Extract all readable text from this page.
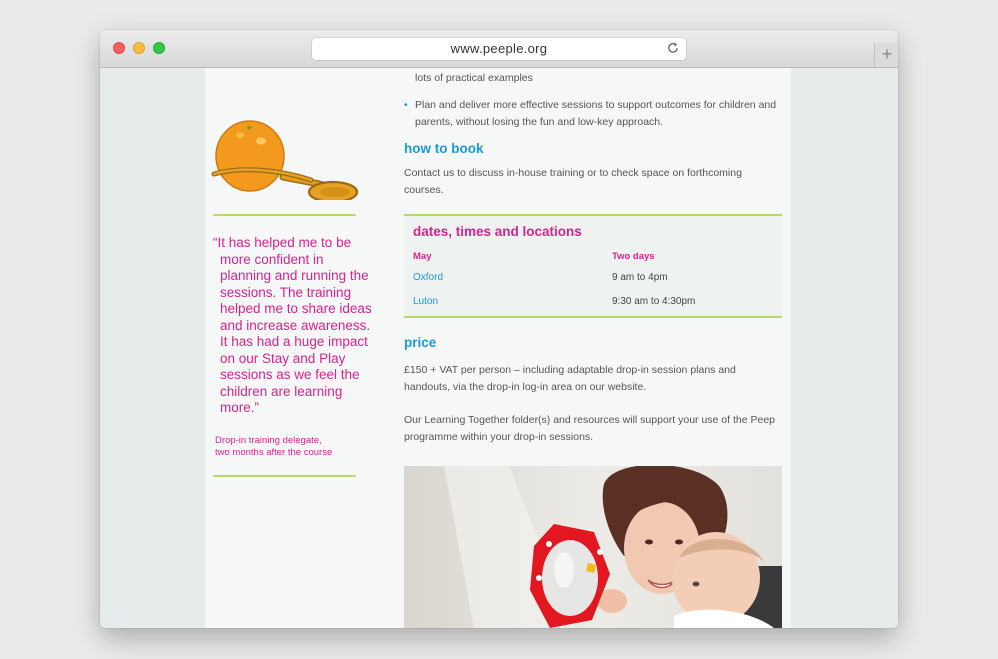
www.peeple.org	+
“It has helped me to be more confident in planning and running the sessions. The training helped me to share ideas and increase awareness. It has had a huge impact on our Stay and Play sessions as we feel the children are learning more.”
Drop-in training delegate,
two months after the course
lots of practical examples
• Plan and deliver more effective sessions to support outcomes for children and parents, without losing the fun and low-key approach.
how to book
Contact us to discuss in-house training or to check space on forthcoming courses.
dates, times and locations
May	Two days
Oxford	9 am to 4pm
Luton	9:30 am to 4:30pm
price
£150 + VAT per person – including adaptable drop-in session plans and handouts, via the drop-in log-in area on our website.
Our Learning Together folder(s) and resources will support your use of the Peep programme within your drop-in sessions.
